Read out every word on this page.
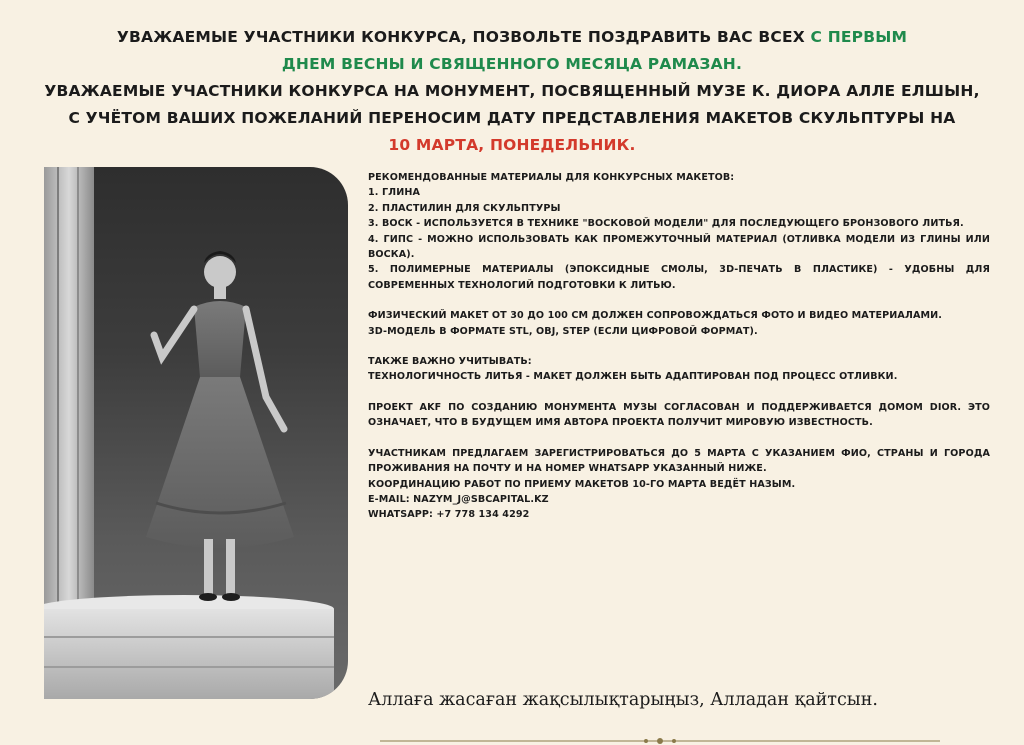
УВАЖАЕМЫЕ УЧАСТНИКИ КОНКУРСА, ПОЗВОЛЬТЕ ПОЗДРАВИТЬ ВАС ВСЕХ С ПЕРВЫМ
ДНЕМ ВЕСНЫ И СВЯЩЕННОГО МЕСЯЦА РАМАЗАН.
УВАЖАЕМЫЕ УЧАСТНИКИ КОНКУРСА НА МОНУМЕНТ, ПОСВЯЩЕННЫЙ МУЗЕ К. ДИОРА АЛЛЕ ЕЛШЫН,
С УЧЁТОМ ВАШИХ ПОЖЕЛАНИЙ ПЕРЕНОСИМ ДАТУ ПРЕДСТАВЛЕНИЯ МАКЕТОВ СКУЛЬПТУРЫ НА
10 МАРТА, ПОНЕДЕЛЬНИК.

РЕКОМЕНДОВАННЫЕ МАТЕРИАЛЫ ДЛЯ КОНКУРСНЫХ МАКЕТОВ:

1. ГЛИНА

2. ПЛАСТИЛИН ДЛЯ СКУЛЬПТУРЫ

3. ВОСК - ИСПОЛЬЗУЕТСЯ В ТЕХНИКЕ "ВОСКОВОЙ МОДЕЛИ" ДЛЯ ПОСЛЕДУЮЩЕГО БРОНЗОВОГО ЛИТЬЯ.

4. ГИПС - МОЖНО ИСПОЛЬЗОВАТЬ КАК ПРОМЕЖУТОЧНЫЙ МАТЕРИАЛ (ОТЛИВКА МОДЕЛИ ИЗ ГЛИНЫ ИЛИ ВОСКА).

5. ПОЛИМЕРНЫЕ МАТЕРИАЛЫ (ЭПОКСИДНЫЕ СМОЛЫ, 3D-ПЕЧАТЬ В ПЛАСТИКЕ) - УДОБНЫ ДЛЯ СОВРЕМЕННЫХ ТЕХНОЛОГИЙ ПОДГОТОВКИ К ЛИТЬЮ.

ФИЗИЧЕСКИЙ МАКЕТ ОТ 30 ДО 100 СМ ДОЛЖЕН СОПРОВОЖДАТЬСЯ ФОТО И ВИДЕО МАТЕРИАЛАМИ.

3D-МОДЕЛЬ В ФОРМАТЕ STL, OBJ, STEP (ЕСЛИ ЦИФРОВОЙ ФОРМАТ).

ТАКЖЕ ВАЖНО УЧИТЫВАТЬ:

ТЕХНОЛОГИЧНОСТЬ ЛИТЬЯ - МАКЕТ ДОЛЖЕН БЫТЬ АДАПТИРОВАН ПОД ПРОЦЕСС ОТЛИВКИ.

ПРОЕКТ AKF ПО СОЗДАНИЮ МОНУМЕНТА МУЗЫ СОГЛАСОВАН И ПОДДЕРЖИВАЕТСЯ ДОМОМ DIOR. ЭТО ОЗНАЧАЕТ, ЧТО В БУДУЩЕМ ИМЯ АВТОРА ПРОЕКТА ПОЛУЧИТ МИРОВУЮ ИЗВЕСТНОСТЬ.

УЧАСТНИКАМ ПРЕДЛАГАЕМ ЗАРЕГИСТРИРОВАТЬСЯ ДО 5 МАРТА С УКАЗАНИЕМ ФИО, СТРАНЫ И ГОРОДА ПРОЖИВАНИЯ НА ПОЧТУ И НА НОМЕР WHATSAPP УКАЗАННЫЙ НИЖЕ.

КООРДИНАЦИЮ РАБОТ ПО ПРИЕМУ МАКЕТОВ 10-ГО МАРТА ВЕДЁТ НАЗЫМ.

E-MAIL: NAZYM_J@SBCAPITAL.KZ

WHATSAPP: +7 778 134 4292

Аллаға жасаған жақсылықтарыңыз, Алладан қайтсын.
